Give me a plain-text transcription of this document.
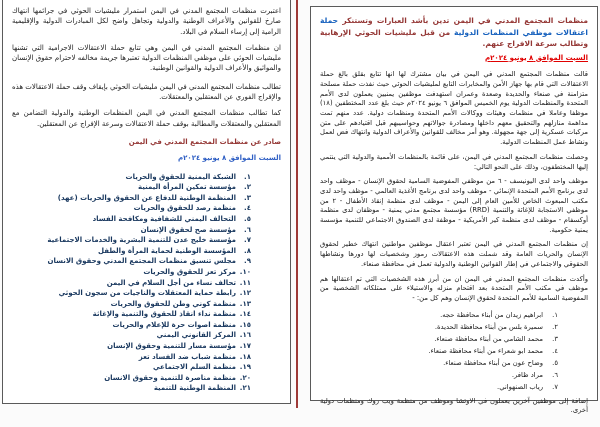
اعتبرت منظمات المجتمع المدني في اليمن استمرار مليشيات الحوثي في جرائمها انتهاك صارخ للقوانين والأعراف الوطنية والدولية وتجاهل واضح لكل المبادرات الدولية والإقليمية الرامية إلى إرساء السلام في البلاد.

ان منظمات المجتمع المدني في اليمن وهي تتابع حملة الاعتقالات الاجرامية التي تشنها مليشيات الحوثي على موظفي المنظمات الدولية تعتبرها جريمة مخالفه لاحترام حقوق الإنسان والمواثيق والأعراف الدولية والقوانين الوطنية.

تطالب منظمات المجتمع المدني في اليمن مليشيات الحوثي بإيقاف وقف حملة الاعتقالات هذه والإفراج الفوري عن المعتقلين والمعتقلات.

كما تطالب منظمات المجتمع المدني في اليمن المنظمات الوطنية والدولية التضامن مع المعتقلين والمعتقلات والمطالبة بوقف حملة الاعتقالات وسرعة الإفراج عن المعتقلين.

صادر عن منظمات المجتمع المدني في اليمن

السبت الموافق ٨ يونيو ٢٠٢٤م

١.
الشبكة اليمنية للحقوق والحريات
٢.
مؤسسة تمكين المرأة اليمنية
٣.
المنظمة الوطنية للدفاع عن الحقوق والحريات (عهد)
٤.
منظمة رصد للحقوق والحريات
٥.
التحالف اليمني للشفافية ومكافحة الفساد
٦.
مؤسسة صح لحقوق الإنسان
٧.
مؤسسة خليج عدن للتنمية البشرية والخدمات الاجتماعية
٨.
المؤسسة الوطنية لحماية المرأة والطفل
٩.
مجلس تنسيق منظمات المجتمع المدني وحقوق الانسان
١٠.
مركز تعز للحقوق والحريات
١١.
تحالف نساء من أجل السلام في اليمن
١٢.
رابطة حماية المعتقلات والناجيات من سجون الحوثي
١٣.
منظمة كوني وطن للحقوق والحريات
١٤.
منظمة نداء انقاذ للحقوق والتنمية والإغاثة
١٥.
منظمة اصوات حرة للإعلام والحريات
١٦.
المركز القانوني اليمني
١٧.
مؤسسة مسار للتنمية وحقوق الإنسان
١٨.
منظمة شباب ضد الفساد تعز
١٩.
منظمة السلم الاجتماعي
٢٠.
منظمة مناصرة للتنمية وحقوق الانسان
٢١.
المنظمة الوطنية للتنمية

منظمات المجتمع المدني في اليمن تدين بأشد العبارات وتستنكر حملة اعتقالات موظفي المنظمات الدولية من قبل مليشيات الحوثي الإرهابية وتطالب سرعة الافراج عنهم.

السبت الموافق ٨ يونيو ٢٠٢٤م

قالت منظمات المجتمع المدني في اليمن في بيان مشترك لها انها تتابع بقلق بالغ حملة الاعتقالات التي قام بها جهاز الأمن والمخابرات التابع لمليشيات الحوثي حيث نفذت حملة مسلحة متزامنة في صنعاء والحديدة وصعدة وعمران استهدفت موظفين يمنيين يعملون لدى الأمم المتحدة والمنظمات الدولية يوم الخميس الموافق ٦ يونيو ٢٠٢٤م حيث بلغ عدد المختطفين (١٨) موظفا وعاملا في منظمات وهيئات ووكالات الأمم المتحدة ومنظمات دولية. عدد منهم تمت مداهمة منازلهم والتحقيق معهم داخلها ومصادرة جوالاتهم وحواسيبهم قبل اقتيادهم على متن مركبات عسكرية إلى جهة مجهولة. وهو أمر مخالف للقوانين والأعراف الدولية وانتهاك فض لعمل ونشاط عمل المنظمات الدولية.

وحصلت منظمات المجتمع المدني في اليمن، على قائمة بالمنظمات الأممية والدولية التي ينتمي إليها المختطفون، وذلك على النحو التالي:

موظف واحد لدى اليونيسف - ٦ من موظفي المفوضية السامية لحقوق الإنسان - موظف واحد لدى برنامج الأمم المتحدة الإنمائي - موظف واحد لدى برنامج الأغذية العالمي - موظف واحد لدى مكتب المبعوث الخاص للأمين العام إلى اليمن - موظف لدى منظمة إنقاذ الأطفال - ٢ من موظفي الاستجابة للإغاثة والتنمية (RRD) مؤسسة مجتمع مدني يمنية - موظفان لدى منظمة أوكسفام - موظف لدى منظمة كير الأمريكية - موظفة لدى الصندوق الاجتماعي للتنمية مؤسسة يمنية حكومية.

إن منظمات المجتمع المدني في اليمن تعتبر اعتقال موظفين مواطنين انتهاك خطير لحقوق الإنسان والحريات العامة وقد شملت هذه الاعتقالات رموز وشخصيات لها دورها ونشاطها الحقوقي والاجتماعي في إطار القوانين الوطنية والدولية تعمل في محافظة صنعاء.

وأكدت منظمات المجتمع المدني في اليمن ان من أبرز هذه الشخصيات التي تم اعتقالها هم موظف في مكتب الأمم المتحدة بعد اقتحام منزله والاستيلاء على ممتلكاته الشخصية من المفوضية السامية للأمم المتحدة لحقوق الإنسان وهم كل من: -

١.
ابراهيم زيدان من أبناء محافظة حجه.
٢.
سميرة بلس من أبناء محافظة الحديدة.
٣.
محمد الشامي من أبناء محافظة صنعاء.
٤.
محمد ابو شعراء من أبناء محافظة صنعاء.
٥.
وضاح عون من أبناء محافظة صنعاء.
٦.
مراد ظافر.
٧.
رياب الصنهواني.

إضافة إلى موظفين آخرين يعملون في الاوتشا وموظف من منظمة ويب روك ومنظمات دولية أخرى.
